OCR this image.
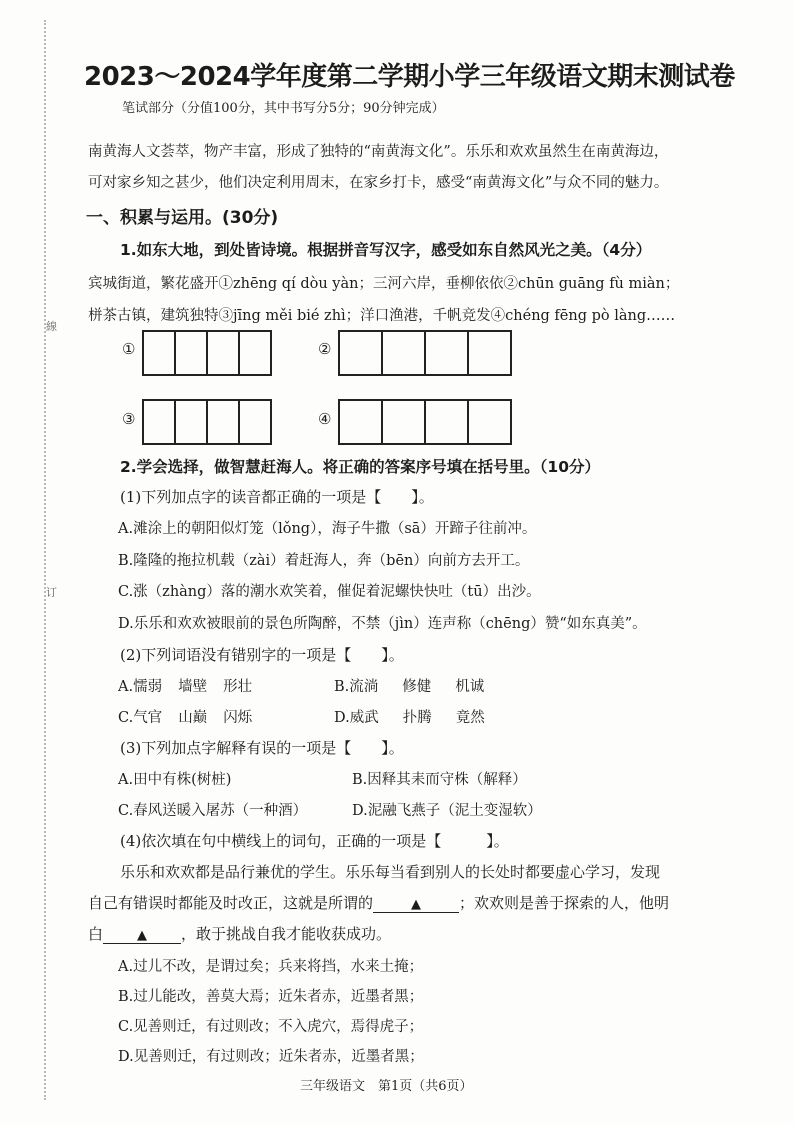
線
订
2023～2024学年度第二学期小学三年级语文期末测试卷
笔试部分（分值100分，其中书写分5分；90分钟完成）
南黄海人文荟萃，物产丰富，形成了独特的“南黄海文化”。乐乐和欢欢虽然生在南黄海边，
可对家乡知之甚少，他们决定利用周末，在家乡打卡，感受“南黄海文化”与众不同的魅力。
一、积累与运用。(30分)
1.如东大地，到处皆诗境。根据拼音写汉字，感受如东自然风光之美。（4分）
宾城街道，繁花盛开①zhēng qí dòu yàn；三河六岸，垂柳依依②chūn guāng fù miàn；
栟茶古镇，建筑独特③jīng měi bié zhì；洋口渔港，千帆竞发④chéng fēng pò làng……
①	②
③	④
2.学会选择，做智慧赶海人。将正确的答案序号填在括号里。（10分）
(1)下列加点字的读音都正确的一项是【　　】。
A.滩涂上的朝阳似灯笼（lǒng），海子牛撒（sā）开蹄子往前冲。
B.隆隆的拖拉机载（zài）着赶海人，奔（bēn）向前方去开工。
C.涨（zhàng）落的潮水欢笑着，催促着泥螺快快吐（tū）出沙。
D.乐乐和欢欢被眼前的景色所陶醉，不禁（jìn）连声称（chēng）赞“如东真美”。
(2)下列词语没有错别字的一项是【　　】。
A.懦弱 墙壁 形壮	B.流淌 修健 机诚
C.气官 山巅 闪烁	D.威武 扑腾 竟然
(3)下列加点字解释有误的一项是【　　】。
A.田中有株(树桩)	B.因释其耒而守株（解释）
C.春风送暖入屠苏（一种酒）	D.泥融飞燕子（泥土变湿软）
(4)依次填在句中横线上的词句，正确的一项是【　　　】。
乐乐和欢欢都是品行兼优的学生。乐乐每当看到别人的长处时都要虚心学习，发现
自己有错误时都能及时改正，这就是所谓的	▲	；欢欢则是善于探索的人，他明
白	▲ ，敢于挑战自我才能收获成功。
A.过儿不改，是谓过矣；兵来将挡，水来土掩；
B.过儿能改，善莫大焉；近朱者赤，近墨者黑；
C.见善则迁，有过则改；不入虎穴，焉得虎子；
D.见善则迁，有过则改；近朱者赤，近墨者黑；
三年级语文　第1页（共6页）
